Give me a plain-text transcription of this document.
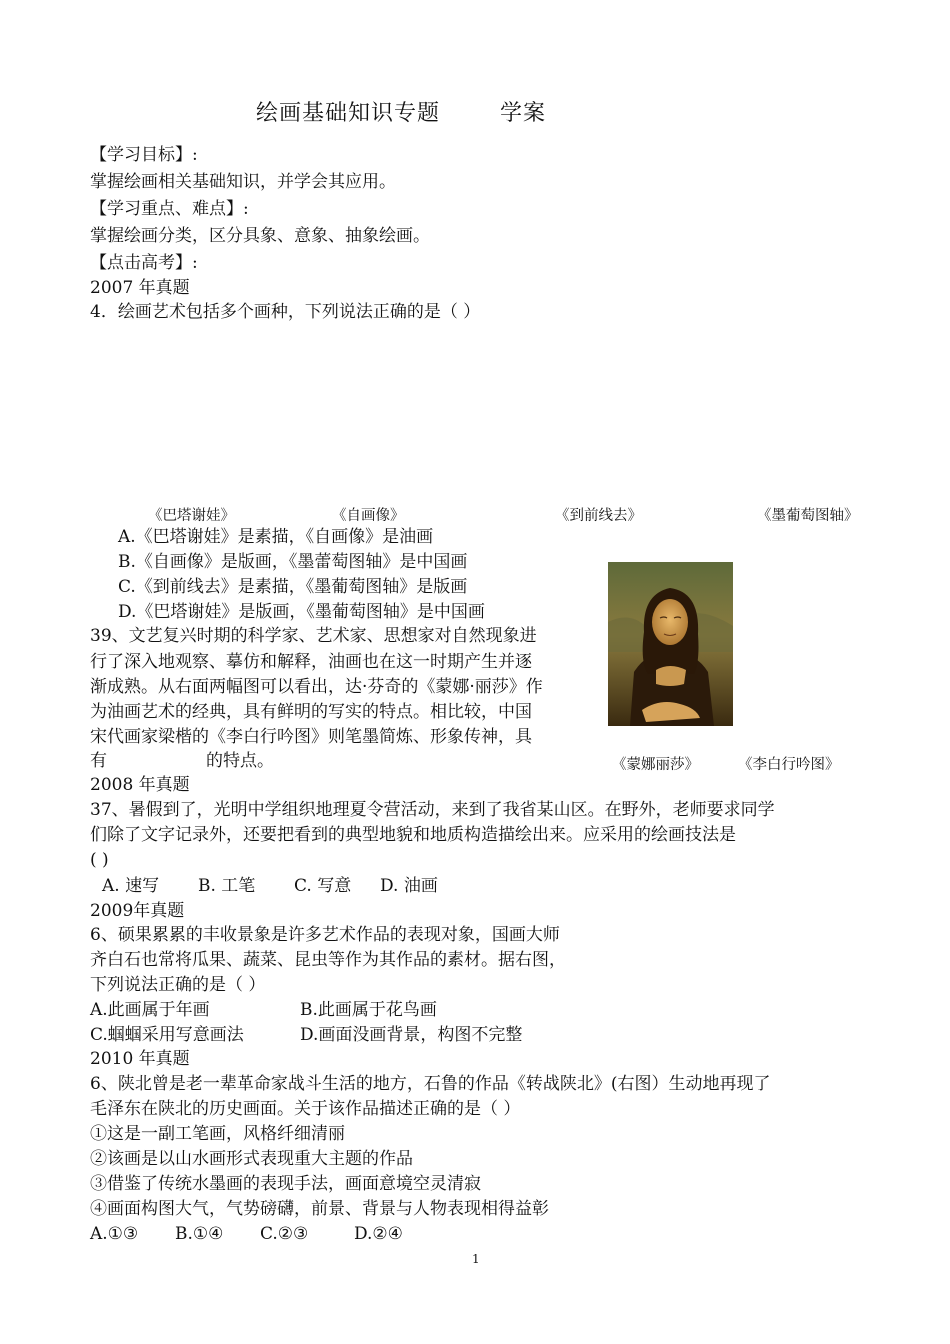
绘画基础知识专题	学案
【学习目标】:
掌握绘画相关基础知识，并学会其应用。
【学习重点、难点】:
掌握绘画分类，区分具象、意象、抽象绘画。
【点击高考】:
2007 年真题
4．绘画艺术包括多个画种，下列说法正确的是（ ）
《巴塔谢娃》	《自画像》	《到前线去》	《墨葡萄图轴》
A.《巴塔谢娃》是素描，《自画像》是油画
B.《自画像》是版画，《墨蕾萄图轴》是中国画
C.《到前线去》是素描，《墨葡萄图轴》是版画
D.《巴塔谢娃》是版画，《墨葡萄图轴》是中国画
39、文艺复兴时期的科学家、艺术家、思想家对自然现象进
行了深入地观察、摹仿和解释，油画也在这一时期产生并逐
渐成熟。从右面两幅图可以看出，达·芬奇的《蒙娜·丽莎》作
为油画艺术的经典，具有鲜明的写实的特点。相比较，中国
宋代画家梁楷的《李白行吟图》则笔墨简炼、形象传神，具
有	的特点。	《蒙娜丽莎》	《李白行吟图》
2008 年真题
37、暑假到了，光明中学组织地理夏令营活动，来到了我省某山区。在野外，老师要求同学
们除了文字记录外，还要把看到的典型地貌和地质构造描绘出来。应采用的绘画技法是
( )
A. 速写 B. 工笔 C. 写意 D. 油画
2009年真题
6、硕果累累的丰收景象是许多艺术作品的表现对象，国画大师
齐白石也常将瓜果、蔬菜、昆虫等作为其作品的素材。据右图，
下列说法正确的是（ ）
A.此画属于年画	B.此画属于花鸟画
C.蝈蝈采用写意画法	D.画面没画背景，构图不完整
2010 年真题
6、陕北曾是老一辈革命家战斗生活的地方，石鲁的作品《转战陕北》(右图）生动地再现了
毛泽东在陕北的历史画面。关于该作品描述正确的是（ ）
①这是一副工笔画，风格纤细清丽
②该画是以山水画形式表现重大主题的作品
③借鉴了传统水墨画的表现手法，画面意境空灵清寂
④画面构图大气，气势磅礴，前景、背景与人物表现相得益彰
A.①③ B.①④ C.②③	D.②④
1
